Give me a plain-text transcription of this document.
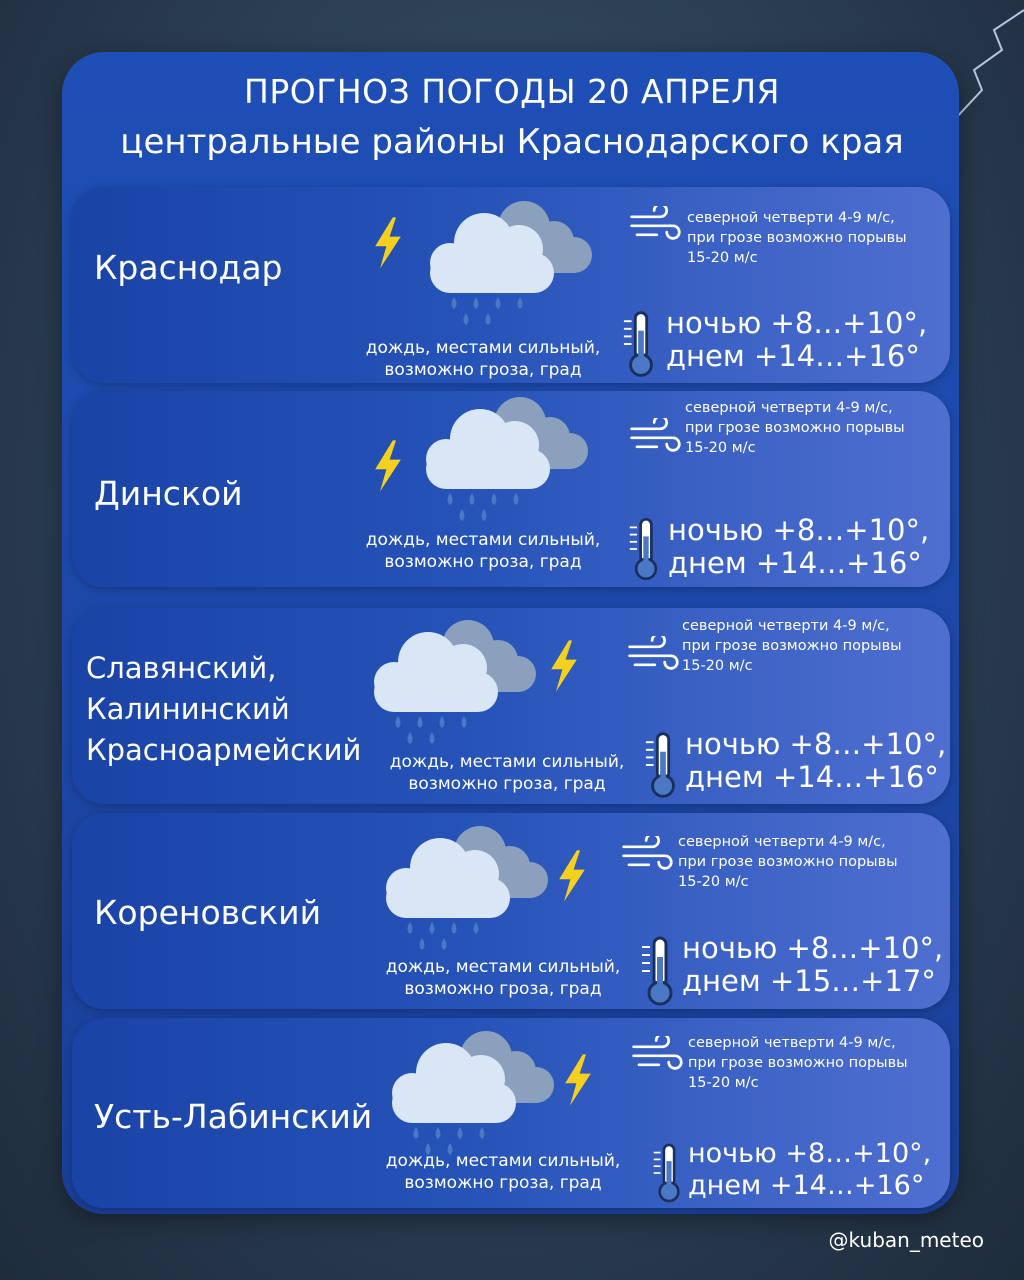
ПРОГНОЗ ПОГОДЫ 20 АПРЕЛЯ
центральные районы Краснодарского края
Краснодар
северной четверти 4-9 м/с,
при грозе возможно порывы
15-20 м/с
дождь, местами сильный,
возможно гроза, град
ночью +8…+10°,
днем +14…+16°
Динской
северной четверти 4-9 м/с,
при грозе возможно порывы
15-20 м/с
дождь, местами сильный,
возможно гроза, град
ночью +8…+10°,
днем +14…+16°
Славянский,
Калининский
Красноармейский
северной четверти 4-9 м/с,
при грозе возможно порывы
15-20 м/с
дождь, местами сильный,
возможно гроза, град
ночью +8…+10°,
днем +14…+16°
Кореновский
северной четверти 4-9 м/с,
при грозе возможно порывы
15-20 м/с
дождь, местами сильный,
возможно гроза, град
ночью +8…+10°,
днем +15…+17°
Усть-Лабинский
северной четверти 4-9 м/с,
при грозе возможно порывы
15-20 м/с
дождь, местами сильный,
возможно гроза, град
ночью +8…+10°,
днем +14…+16°
@kuban_meteo
